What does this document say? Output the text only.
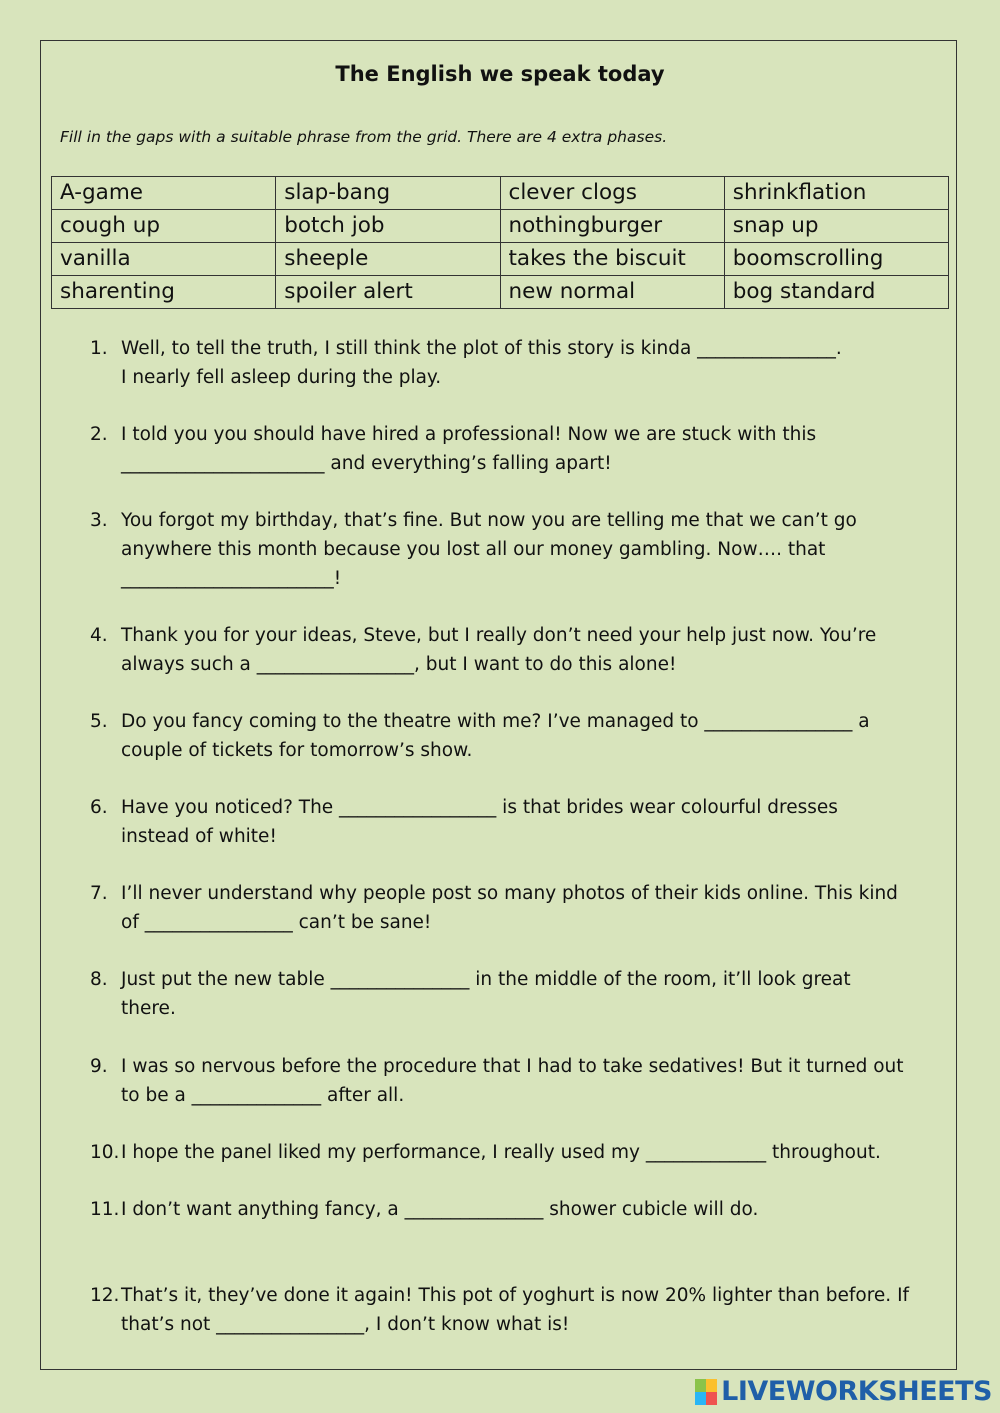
The English we speak today
Fill in the gaps with a suitable phrase from the grid. There are 4 extra phases.
A-game	slap-bang	clever clogs	shrinkflation
cough up	botch job	nothingburger	snap up
vanilla	sheeple	takes the biscuit	boomscrolling
sharenting	spoiler alert	new normal	bog standard
1. Well, to tell the truth, I still think the plot of this story is kinda _______________.
I nearly fell asleep during the play.
2. I told you you should have hired a professional! Now we are stuck with this
______________________ and everything’s falling apart!
3. You forgot my birthday, that’s fine. But now you are telling me that we can’t go
anywhere this month because you lost all our money gambling. Now…. that
_______________________!
4. Thank you for your ideas, Steve, but I really don’t need your help just now. You’re
always such a _________________, but I want to do this alone!
5. Do you fancy coming to the theatre with me? I’ve managed to ________________ a
couple of tickets for tomorrow’s show.
6. Have you noticed? The _________________ is that brides wear colourful dresses
instead of white!
7. I’ll never understand why people post so many photos of their kids online. This kind
of ________________ can’t be sane!
8. Just put the new table _______________ in the middle of the room, it’ll look great
there.
9. I was so nervous before the procedure that I had to take sedatives! But it turned out
to be a ______________ after all.
10. I hope the panel liked my performance, I really used my _____________ throughout.
11. I don’t want anything fancy, a _______________ shower cubicle will do.
12. That’s it, they’ve done it again! This pot of yoghurt is now 20% lighter than before. If
that’s not ________________, I don’t know what is!
LIVEWORKSHEETS
